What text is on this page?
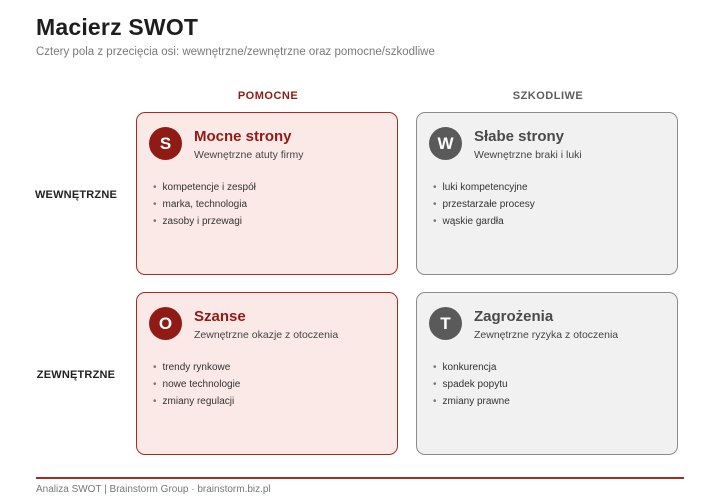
Macierz SWOT
Cztery pola z przecięcia osi: wewnętrzne/zewnętrzne oraz pomocne/szkodliwe
POMOCNE	SZKODLIWE
WEWNĘTRZNE
ZEWNĘTRZNE
S	Mocne strony
Wewnętrzne atuty firmy
• kompetencje i zespół
• marka, technologia
• zasoby i przewagi
W	Słabe strony
Wewnętrzne braki i luki
• luki kompetencyjne
• przestarzałe procesy
• wąskie gardła
O	Szanse
Zewnętrzne okazje z otoczenia
• trendy rynkowe
• nowe technologie
• zmiany regulacji
T	Zagrożenia
Zewnętrzne ryzyka z otoczenia
• konkurencja
• spadek popytu
• zmiany prawne
Analiza SWOT | Brainstorm Group · brainstorm.biz.pl
